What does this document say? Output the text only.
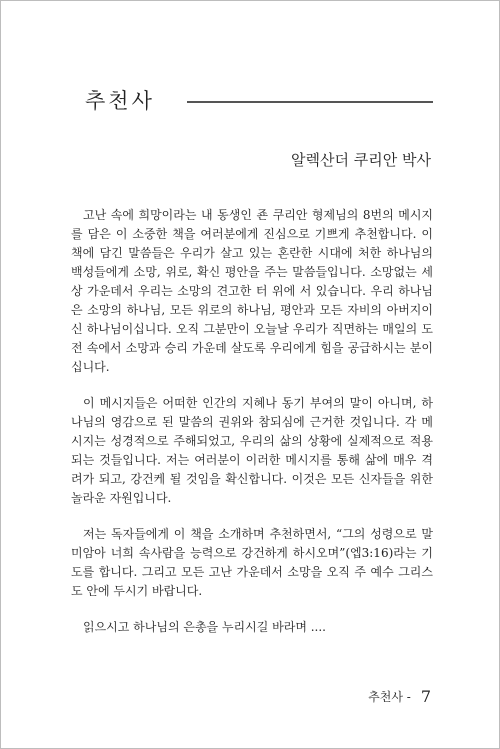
추천사
알렉산더 쿠리안 박사

고난 속에 희망이라는 내 동생인 죤 쿠리안 형제님의 8번의 메시지를 담은 이 소중한 책을 여러분에게 진심으로 기쁘게 추천합니다. 이 책에 담긴 말씀들은 우리가 살고 있는 혼란한 시대에 처한 하나님의 백성들에게 소망, 위로, 확신 평안을 주는 말씀들입니다. 소망없는 세상 가운데서 우리는 소망의 견고한 터 위에 서 있습니다. 우리 하나님은 소망의 하나님, 모든 위로의 하나님, 평안과 모든 자비의 아버지이신 하나님이십니다. 오직 그분만이 오늘날 우리가 직면하는 매일의 도전 속에서 소망과 승리 가운데 살도록 우리에게 힘을 공급하시는 분이십니다.

이 메시지들은 어떠한 인간의 지혜나 동기 부여의 말이 아니며, 하나님의 영감으로 된 말씀의 권위와 참되심에 근거한 것입니다. 각 메시지는 성경적으로 주해되었고, 우리의 삶의 상황에 실제적으로 적용되는 것들입니다. 저는 여러분이 이러한 메시지를 통해 삶에 매우 격려가 되고, 강건케 될 것임을 확신합니다. 이것은 모든 신자들을 위한 놀라운 자원입니다.

저는 독자들에게 이 책을 소개하며 추천하면서, “그의 성령으로 말미암아 너희 속사람을 능력으로 강건하게 하시오며”(엡3:16)라는 기도를 합니다. 그리고 모든 고난 가운데서 소망을 오직 주 예수 그리스도 안에 두시기 바랍니다.

읽으시고 하나님의 은총을 누리시길 바라며 ....

추천사 - 7
